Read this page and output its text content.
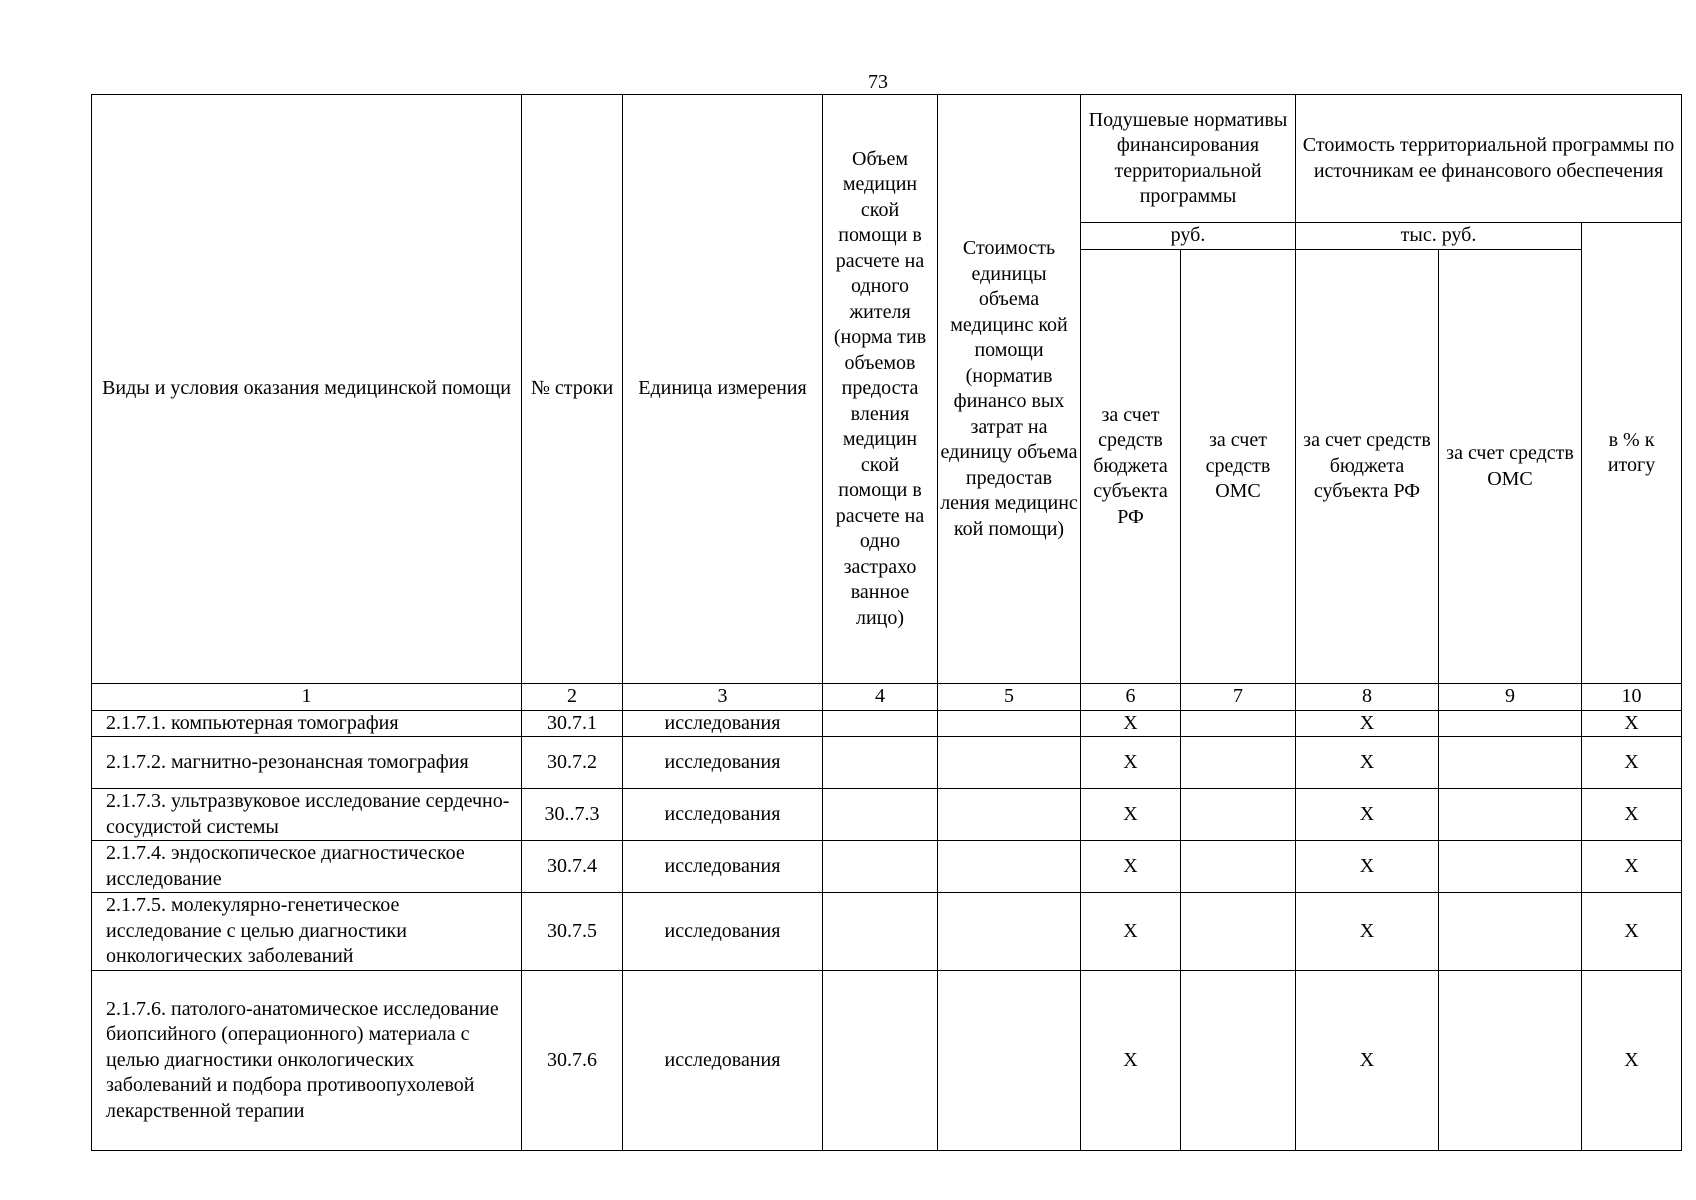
73
Виды и условия оказания медицинской помощи	№ строки	Единица измерения	Объем медицин ской помощи в расчете на одного жителя (норма тив объемов предоста вления медицин ской помощи в расчете на одно застрахо ванное лицо)	Стоимость единицы объема медицинс кой помощи (норматив финансо вых затрат на единицу объема предостав ления медицинс кой помощи)	Подушевые нормативы финансирования территориальной программы		Стоимость территориальной программы по источникам ее финансового обеспечения		
					руб.		тыс. руб.		в % к итогу
					за счет средств бюджета субъекта РФ	за счет средств ОМС	за счет средств бюджета субъекта РФ	за счет средств ОМС	
1	2	3	4	5	6	7	8	9	10
2.1.7.1. компьютерная томография	30.7.1	исследования			X		X		X
2.1.7.2. магнитно-резонансная томография	30.7.2	исследования			X		X		X
2.1.7.3. ультразвуковое исследование сердечно-сосудистой системы	30..7.3	исследования			X		X		X
2.1.7.4. эндоскопическое диагностическое исследование	30.7.4	исследования			X		X		X
2.1.7.5. молекулярно-генетическое исследование с целью диагностики онкологических заболеваний	30.7.5	исследования			X		X		X
2.1.7.6. патолого-анатомическое исследование биопсийного (операционного) материала с целью диагностики онкологических заболеваний и подбора противоопухолевой лекарственной терапии	30.7.6	исследования			X		X		X
